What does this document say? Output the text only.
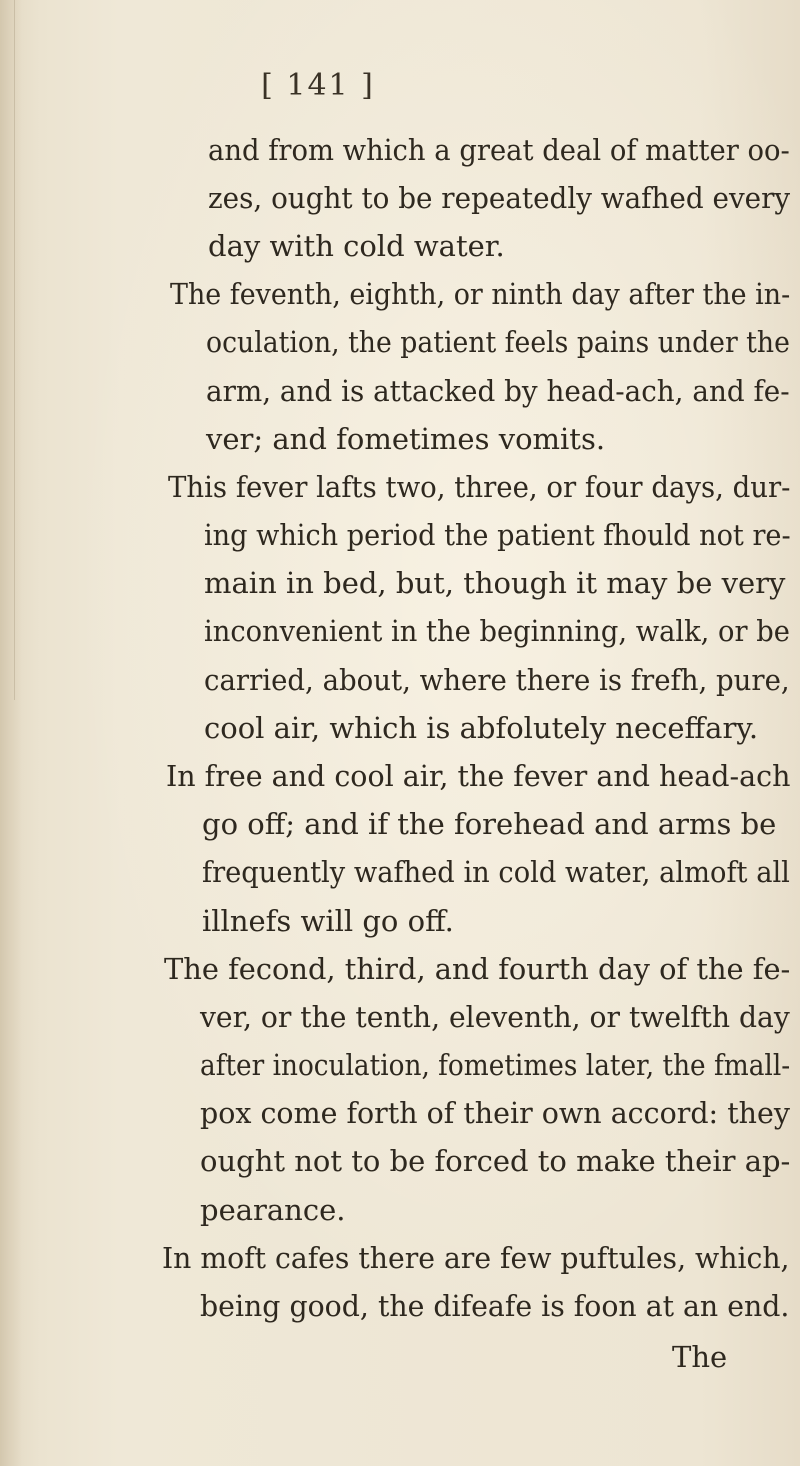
[ 141 ]
and from which a great deal of matter oo-
zes, ought to be repeatedly wafhed every
day with cold water.
The feventh, eighth, or ninth day after the in-
oculation, the patient feels pains under the
arm, and is attacked by head-ach, and fe-
ver; and fometimes vomits.
This fever lafts two, three, or four days, dur-
ing which period the patient fhould not re-
main in bed, but, though it may be very
inconvenient in the beginning, walk, or be
carried, about, where there is frefh, pure,
cool air, which is abfolutely neceffary.
In free and cool air, the fever and head-ach
go off; and if the forehead and arms be
frequently wafhed in cold water, almoft all
illnefs will go off.
The fecond, third, and fourth day of the fe-
ver, or the tenth, eleventh, or twelfth day
after inoculation, fometimes later, the fmall-
pox come forth of their own accord: they
ought not to be forced to make their ap-
pearance.
In moft cafes there are few puftules, which,
being good, the difeafe is foon at an end.
The
